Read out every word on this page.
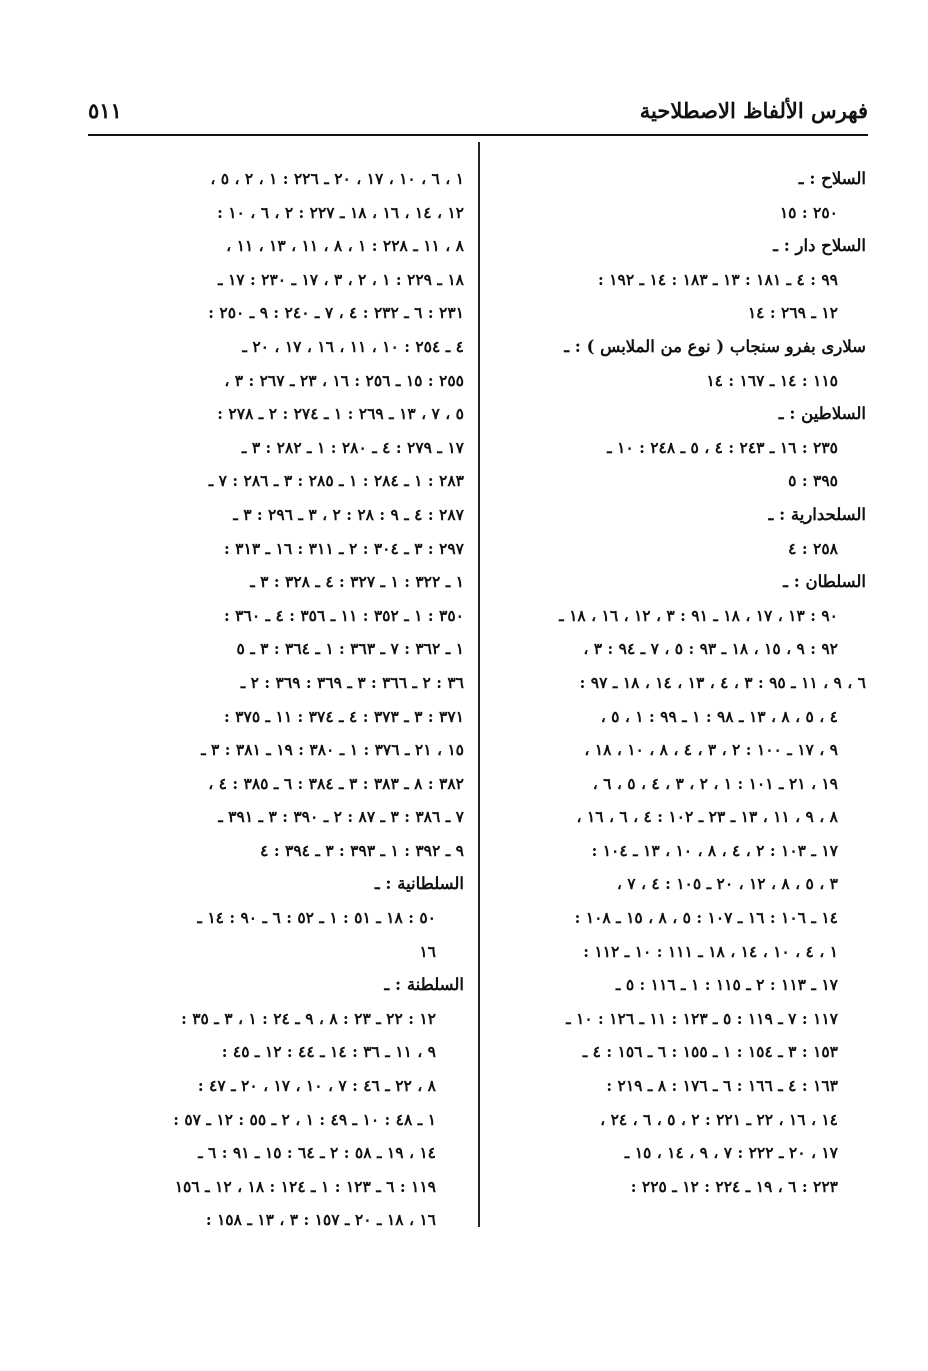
فهرس الألفاظ الاصطلاحية
٥١١
السلاح : ـ
٢٥٠ : ١٥
السلاح دار : ـ
٩٩ : ٤ ـ ١٨١ : ١٣ ـ ١٨٣ : ١٤ ـ ١٩٢ :
١٢ ـ ٢٦٩ : ١٤
سلارى بفرو سنجاب ( نوع من الملابس ) : ـ
١١٥ : ١٤ ـ ١٦٧ : ١٤
السلاطين : ـ
٢٣٥ : ١٦ ـ ٢٤٣ : ٤ ، ٥ ـ ٢٤٨ : ١٠ ـ
٣٩٥ : ٥
السلحدارية : ـ
٢٥٨ : ٤
السلطان : ـ
٩٠ : ١٣ ، ١٧ ، ١٨ ـ ٩١ : ٣ ، ١٢ ، ١٦ ، ١٨ ـ
٩٢ : ٩ ، ١٥ ، ١٨ ـ ٩٣ : ٥ ، ٧ ـ ٩٤ : ٣ ،
٦ ، ٩ ، ١١ ـ ٩٥ : ٣ ، ٤ ، ١٣ ، ١٤ ، ١٨ ـ ٩٧ :
٤ ، ٥ ، ٨ ، ١٣ ـ ٩٨ : ١ ـ ٩٩ : ١ ، ٥ ،
٩ ، ١٧ ـ ١٠٠ : ٢ ، ٣ ، ٤ ، ٨ ، ١٠ ، ١٨ ،
١٩ ، ٢١ ـ ١٠١ : ١ ، ٢ ، ٣ ، ٤ ، ٥ ، ٦ ،
٨ ، ٩ ، ١١ ، ١٣ ـ ٢٣ ـ ١٠٢ : ٤ ، ٦ ، ١٦ ،
١٧ ـ ١٠٣ : ٢ ، ٤ ، ٨ ، ١٠ ، ١٣ ـ ١٠٤ :
٣ ، ٥ ، ٨ ، ١٢ ، ٢٠ ـ ١٠٥ : ٤ ، ٧ ،
١٤ ـ ١٠٦ : ١٦ ـ ١٠٧ : ٥ ، ٨ ، ١٥ ـ ١٠٨ :
١ ، ٤ ، ١٠ ، ١٤ ، ١٨ ـ ١١١ : ١٠ ـ ١١٢ :
١٧ ـ ١١٣ : ٢ ـ ١١٥ : ١ ـ ١١٦ : ٥ ـ
١١٧ : ٧ ـ ١١٩ : ٥ ـ ١٢٣ : ١١ ـ ١٢٦ : ١٠ ـ
١٥٣ : ٣ ـ ١٥٤ : ١ ـ ١٥٥ : ٦ ـ ١٥٦ : ٤ ـ
١٦٣ : ٤ ـ ١٦٦ : ٦ ـ ١٧٦ : ٨ ـ ٢١٩ :
١٤ ، ١٦ ، ٢٢ ـ ٢٢١ : ٢ ، ٥ ، ٦ ، ٢٤ ،
١٧ ، ٢٠ ـ ٢٢٢ : ٧ ، ٩ ، ١٤ ، ١٥ ـ
٢٢٣ : ٦ ، ١٩ ـ ٢٢٤ : ١٢ ـ ٢٢٥ :
١ ، ٦ ، ١٠ ، ١٧ ، ٢٠ ـ ٢٢٦ : ١ ، ٢ ، ٥ ،
١٢ ، ١٤ ، ١٦ ، ١٨ ـ ٢٢٧ : ٢ ، ٦ ، ١٠ :
٨ ، ١١ ـ ٢٢٨ : ١ ، ٨ ، ١١ ، ١٣ ، ١١ ،
١٨ ـ ٢٢٩ : ١ ، ٢ ، ٣ ، ١٧ ـ ٢٣٠ : ١٧ ـ
٢٣١ : ٦ ـ ٢٣٢ : ٤ ، ٧ ـ ٢٤٠ : ٩ ـ ٢٥٠ :
٤ ـ ٢٥٤ : ١٠ ، ١١ ، ١٦ ، ١٧ ، ٢٠ ـ
٢٥٥ : ١٥ ـ ٢٥٦ : ١٦ ، ٢٣ ـ ٢٦٧ : ٣ ،
٥ ، ٧ ، ١٣ ـ ٢٦٩ : ١ ـ ٢٧٤ : ٢ ـ ٢٧٨ :
١٧ ـ ٢٧٩ : ٤ ـ ٢٨٠ : ١ ـ ٢٨٢ : ٣ ـ
٢٨٣ : ١ ـ ٢٨٤ : ١ ـ ٢٨٥ : ٣ ـ ٢٨٦ : ٧ ـ
٢٨٧ : ٤ ـ ٩ : ٢٨ : ٢ ، ٣ ـ ٢٩٦ : ٣ ـ
٢٩٧ : ٣ ـ ٣٠٤ : ٢ ـ ٣١١ : ١٦ ـ ٣١٣ :
١ ـ ٣٢٢ : ١ ـ ٣٢٧ : ٤ ـ ٣٢٨ : ٣ ـ
٣٥٠ : ١ ـ ٣٥٢ : ١١ ـ ٣٥٦ : ٤ ـ ٣٦٠ :
١ ـ ٣٦٢ : ٧ ـ ٣٦٣ : ١ ـ ٣٦٤ : ٣ ـ ٥
٣٦ : ٢ ـ ٣٦٦ : ٣ ـ ٣٦٩ : ٣٦٩ : ٢ ـ
٣٧١ : ٣ ـ ٣٧٣ : ٤ ـ ٣٧٤ : ١١ ـ ٣٧٥ :
١٥ ، ٢١ ـ ٣٧٦ : ١ ـ ٣٨٠ : ١٩ ـ ٣٨١ : ٣ ـ
٣٨٢ : ٨ ـ ٣٨٣ : ٣ ـ ٣٨٤ : ٦ ـ ٣٨٥ : ٤ ،
٧ ـ ٣٨٦ : ٣ ـ ٨٧ : ٢ ـ ٣٩٠ : ٣ ـ ٣٩١ ـ
٩ ـ ٣٩٢ : ١ ـ ٣٩٣ : ٣ ـ ٣٩٤ : ٤
السلطانية : ـ
٥٠ : ١٨ ـ ٥١ : ١ ـ ٥٢ : ٦ ـ ٩٠ : ١٤ ـ
١٦
السلطنة : ـ
١٢ : ٢٢ ـ ٢٣ : ٨ ، ٩ ـ ٢٤ : ١ ، ٣ ـ ٣٥ :
٩ ، ١١ ـ ٣٦ : ١٤ ـ ٤٤ : ١٢ ـ ٤٥ :
٨ ، ٢٢ ـ ٤٦ : ٧ ، ١٠ ، ١٧ ، ٢٠ ـ ٤٧ :
١ ـ ٤٨ : ١٠ ـ ٤٩ : ١ ، ٢ ـ ٥٥ : ١٢ ـ ٥٧ :
١٤ ، ١٩ ـ ٥٨ : ٢ ـ ٦٤ : ١٥ ـ ٩١ : ٦ ـ
١١٩ : ٦ ـ ١٢٣ : ١ ـ ١٢٤ : ١٨ ، ١٢ ـ ١٥٦
١٦ ، ١٨ ـ ٢٠ ـ ١٥٧ : ٣ ، ١٣ ـ ١٥٨ :
